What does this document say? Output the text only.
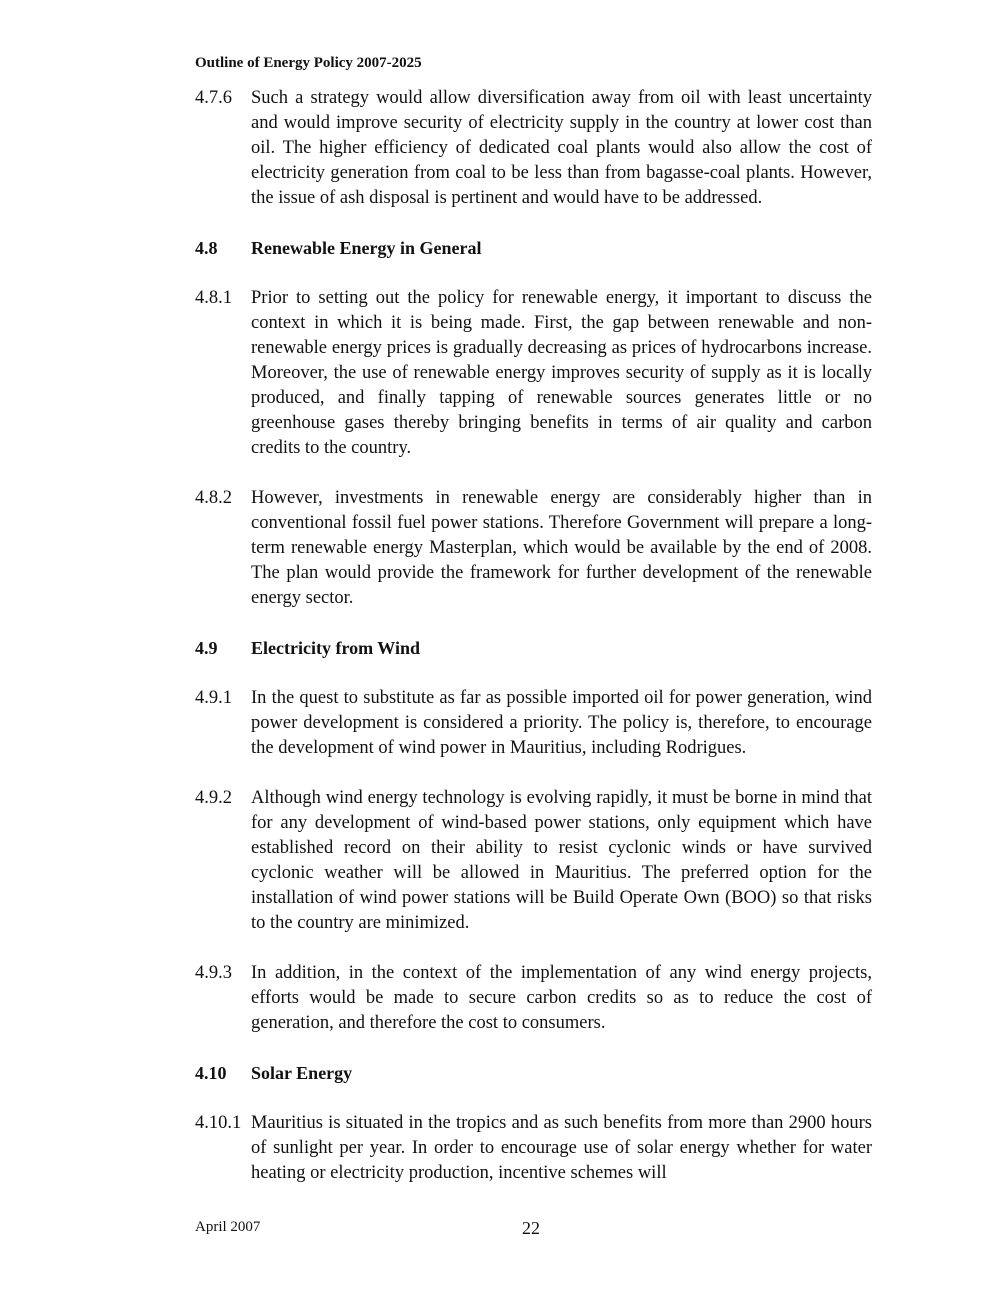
Outline of Energy Policy 2007-2025
4.7.6	Such a strategy would allow diversification away from oil with least uncertainty and would improve security of electricity supply in the country at lower cost than oil. The higher efficiency of dedicated coal plants would also allow the cost of electricity generation from coal to be less than from bagasse-coal plants. However, the issue of ash disposal is pertinent and would have to be addressed.
4.8	Renewable Energy in General
4.8.1	Prior to setting out the policy for renewable energy, it important to discuss the context in which it is being made. First, the gap between renewable and non-renewable energy prices is gradually decreasing as prices of hydrocarbons increase. Moreover, the use of renewable energy improves security of supply as it is locally produced, and finally tapping of renewable sources generates little or no greenhouse gases thereby bringing benefits in terms of air quality and carbon credits to the country.
4.8.2	However, investments in renewable energy are considerably higher than in conventional fossil fuel power stations. Therefore Government will prepare a long-term renewable energy Masterplan, which would be available by the end of 2008.   The plan would provide the framework for further development of the renewable energy sector.
4.9	Electricity from Wind
4.9.1	In the quest to substitute as far as possible imported oil for power generation, wind power development is considered a priority. The policy is, therefore, to encourage the development of wind power in Mauritius, including Rodrigues.
4.9.2	Although wind energy technology is evolving rapidly, it must be borne in mind that for any development of wind-based power stations, only equipment which have established record on their ability to resist cyclonic winds or have survived cyclonic weather will be allowed in Mauritius. The preferred option for the installation of wind power stations will be Build Operate Own (BOO) so that risks to the country are minimized.
4.9.3	In addition, in the context of the implementation of any wind energy projects, efforts would be made to secure carbon credits so as to reduce the cost of generation, and therefore the cost to consumers.
4.10	Solar Energy
4.10.1 Mauritius is situated in the tropics and as such benefits from more than 2900 hours of sunlight per year. In order to encourage use of solar energy whether for water heating or electricity production, incentive schemes will
April 2007	22
